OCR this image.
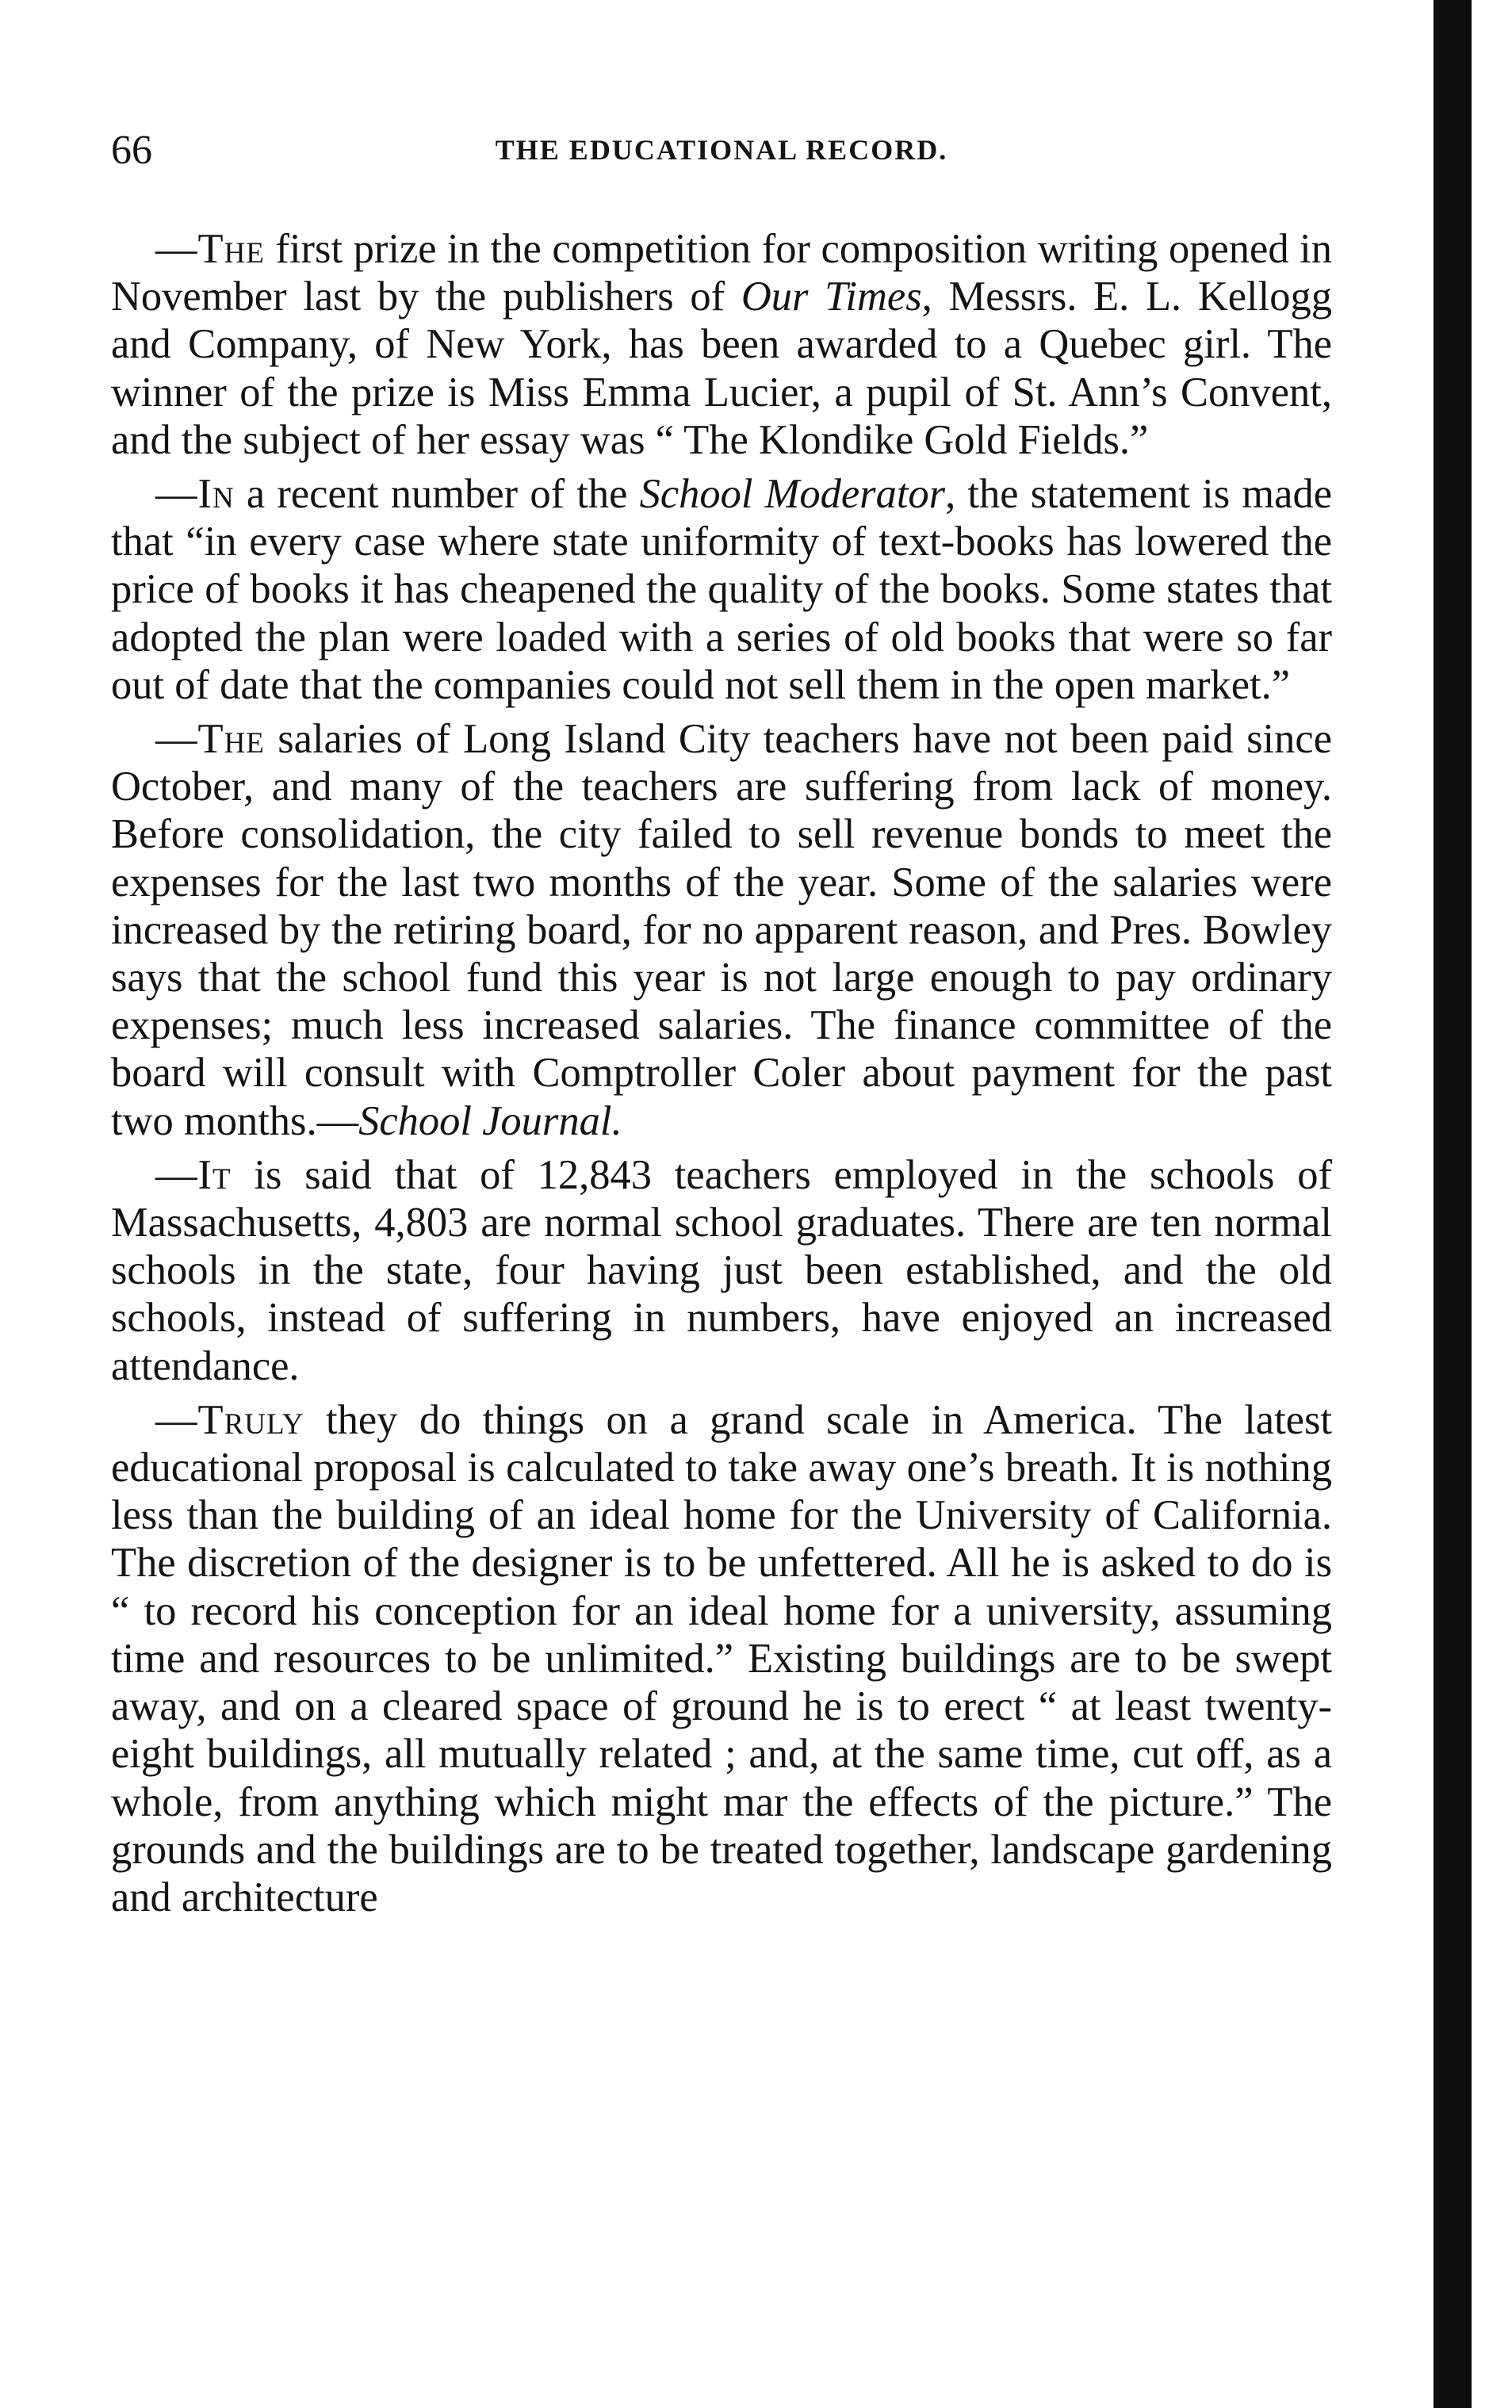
66	THE EDUCATIONAL RECORD.

—The first prize in the competition for composition writing opened in November last by the publishers of Our Times, Messrs. E. L. Kellogg and Company, of New York, has been awarded to a Quebec girl. The winner of the prize is Miss Emma Lucier, a pupil of St. Ann’s Convent, and the subject of her essay was “ The Klondike Gold Fields.”

—In a recent number of the School Moderator, the statement is made that “in every case where state uniformity of text-books has lowered the price of books it has cheapened the quality of the books. Some states that adopted the plan were loaded with a series of old books that were so far out of date that the companies could not sell them in the open market.”

—The salaries of Long Island City teachers have not been paid since October, and many of the teachers are suffering from lack of money. Before consolidation, the city failed to sell revenue bonds to meet the expenses for the last two months of the year. Some of the salaries were increased by the retiring board, for no apparent reason, and Pres. Bowley says that the school fund this year is not large enough to pay ordinary expenses; much less increased salaries. The finance committee of the board will consult with Comptroller Coler about payment for the past two months.—School Journal.

—It is said that of 12,843 teachers employed in the schools of Massachusetts, 4,803 are normal school graduates. There are ten normal schools in the state, four having just been established, and the old schools, instead of suffering in numbers, have enjoyed an increased attendance.

—Truly they do things on a grand scale in America. The latest educational proposal is calculated to take away one’s breath. It is nothing less than the building of an ideal home for the University of California. The discretion of the designer is to be unfettered. All he is asked to do is “ to record his conception for an ideal home for a university, assuming time and resources to be unlimited.” Existing buildings are to be swept away, and on a cleared space of ground he is to erect “ at least twenty-eight buildings, all mutually related ; and, at the same time, cut off, as a whole, from anything which might mar the effects of the picture.” The grounds and the buildings are to be treated together, landscape gardening and architecture
